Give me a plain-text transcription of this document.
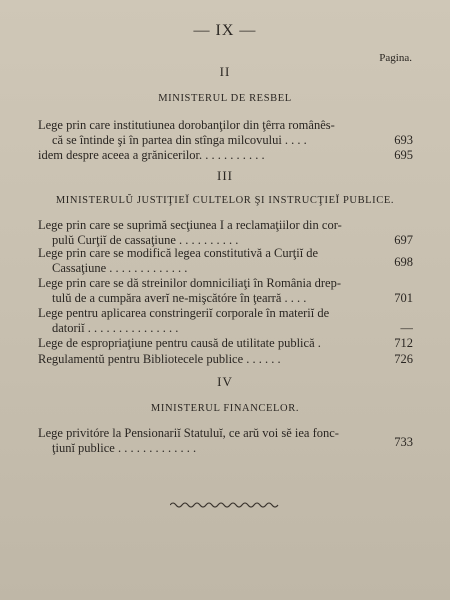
— IX —
Pagina.
II
MINISTERUL DE RESBEL
Lege prin care institutiunea dorobanţilor din ţêrra românês-
că se întinde şi în partea din stînga milcovului . . . .	693
idem despre aceea a grănicerilor. . . . . . . . . . .	695
III
MINISTERULŬ JUSTIŢIEĬ CULTELOR ŞI INSTRUCŢIEĬ PUBLICE.
Lege prin care se suprimă secţiunea I a reclamaţiilor din cor-
pulŭ Curţiĭ de cassaţiune . . . . . . . . . .	697
Lege prin care se modifică legea constitutivă a Curţiĭ de
Cassaţiune . . . . . . . . . . . . .	698
Lege prin care se dă streinilor domniciliaţi în România drep-
tulŭ de a cumpăra averĭ ne-mişcătóre în ţearră . . . .	701
Lege pentru aplicarea constringeriĭ corporale în materiĭ de
datoriĭ . . . . . . . . . . . . . . .	—
Lege de espropriaţiune pentru causă de utilitate publică .	712
Regulamentŭ pentru Bibliotecele publice . . . . . .	726
IV
MINISTERUL FINANCELOR.
Lege privitóre la Pensionariĭ Statuluĭ, ce arŭ voi sĕ iea fonc-
ţiunĭ publice . . . . . . . . . . . . .	733
